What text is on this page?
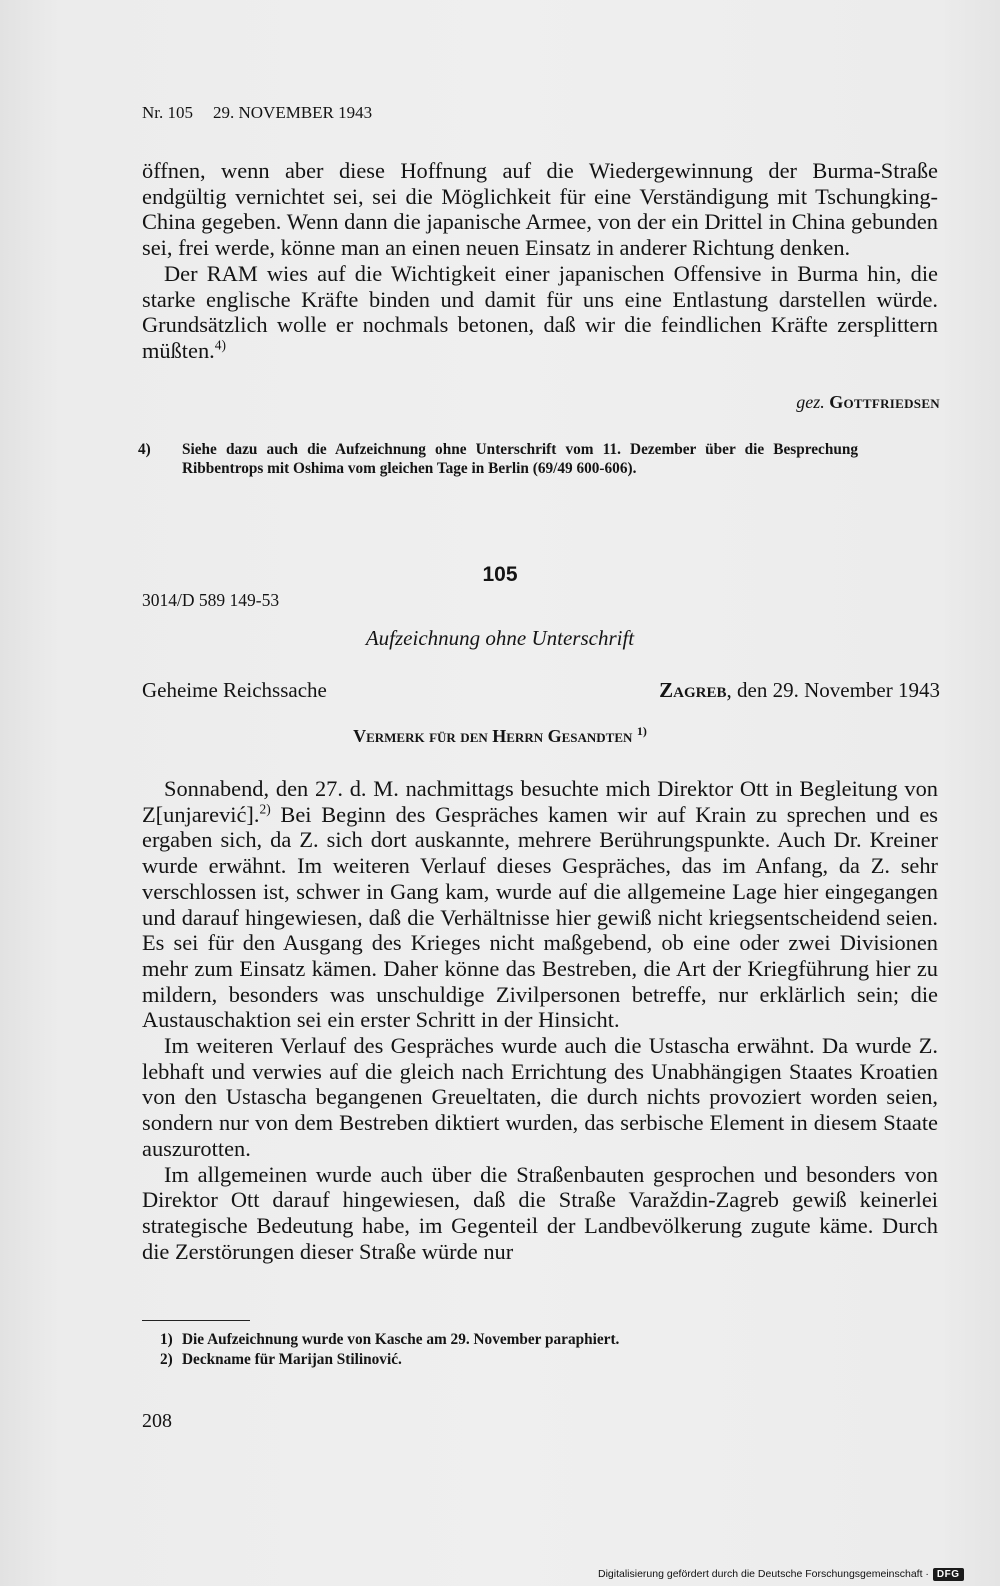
Nr. 105 29. NOVEMBER 1943

öffnen, wenn aber diese Hoffnung auf die Wiedergewinnung der Burma-Straße endgültig vernichtet sei, sei die Möglichkeit für eine Verständigung mit Tschungking-China gegeben. Wenn dann die japanische Armee, von der ein Drittel in China gebunden sei, frei werde, könne man an einen neuen Einsatz in anderer Richtung denken.

Der RAM wies auf die Wichtigkeit einer japanischen Offensive in Burma hin, die starke englische Kräfte binden und damit für uns eine Entlastung darstellen würde. Grundsätzlich wolle er nochmals betonen, daß wir die feindlichen Kräfte zersplittern müßten.$^{4)}$

gez. Gottfriedsen
4) Siehe dazu auch die Aufzeichnung ohne Unterschrift vom 11. Dezember über die Besprechung Ribbentrops mit Oshima vom gleichen Tage in Berlin (69/49 600-606).
105
3014/D 589 149-53
Aufzeichnung ohne Unterschrift
Geheime Reichssache	Zagreb, den 29. November 1943
Vermerk für den Herrn Gesandten $^{1)}$

Sonnabend, den 27. d. M. nachmittags besuchte mich Direktor Ott in Begleitung von Z[unjarević].$^{2)}$ Bei Beginn des Gespräches kamen wir auf Krain zu sprechen und es ergaben sich, da Z. sich dort auskannte, mehrere Berührungspunkte. Auch Dr. Kreiner wurde erwähnt. Im weiteren Verlauf dieses Gespräches, das im Anfang, da Z. sehr verschlossen ist, schwer in Gang kam, wurde auf die allgemeine Lage hier eingegangen und darauf hingewiesen, daß die Verhältnisse hier gewiß nicht kriegsentscheidend seien. Es sei für den Ausgang des Krieges nicht maßgebend, ob eine oder zwei Divisionen mehr zum Einsatz kämen. Daher könne das Bestreben, die Art der Kriegführung hier zu mildern, besonders was unschuldige Zivilpersonen betreffe, nur erklärlich sein; die Austauschaktion sei ein erster Schritt in der Hinsicht.

Im weiteren Verlauf des Gespräches wurde auch die Ustascha erwähnt. Da wurde Z. lebhaft und verwies auf die gleich nach Errichtung des Unabhängigen Staates Kroatien von den Ustascha begangenen Greueltaten, die durch nichts provoziert worden seien, sondern nur von dem Bestreben diktiert wurden, das serbische Element in diesem Staate auszurotten.

Im allgemeinen wurde auch über die Straßenbauten gesprochen und besonders von Direktor Ott darauf hingewiesen, daß die Straße Varaždin-Zagreb gewiß keinerlei strategische Bedeutung habe, im Gegenteil der Landbevölkerung zugute käme. Durch die Zerstörungen dieser Straße würde nur

1) Die Aufzeichnung wurde von Kasche am 29. November paraphiert.
2) Deckname für Marijan Stilinović.
208
Digitalisierung gefördert durch die Deutsche Forschungsgemeinschaft · DFG
